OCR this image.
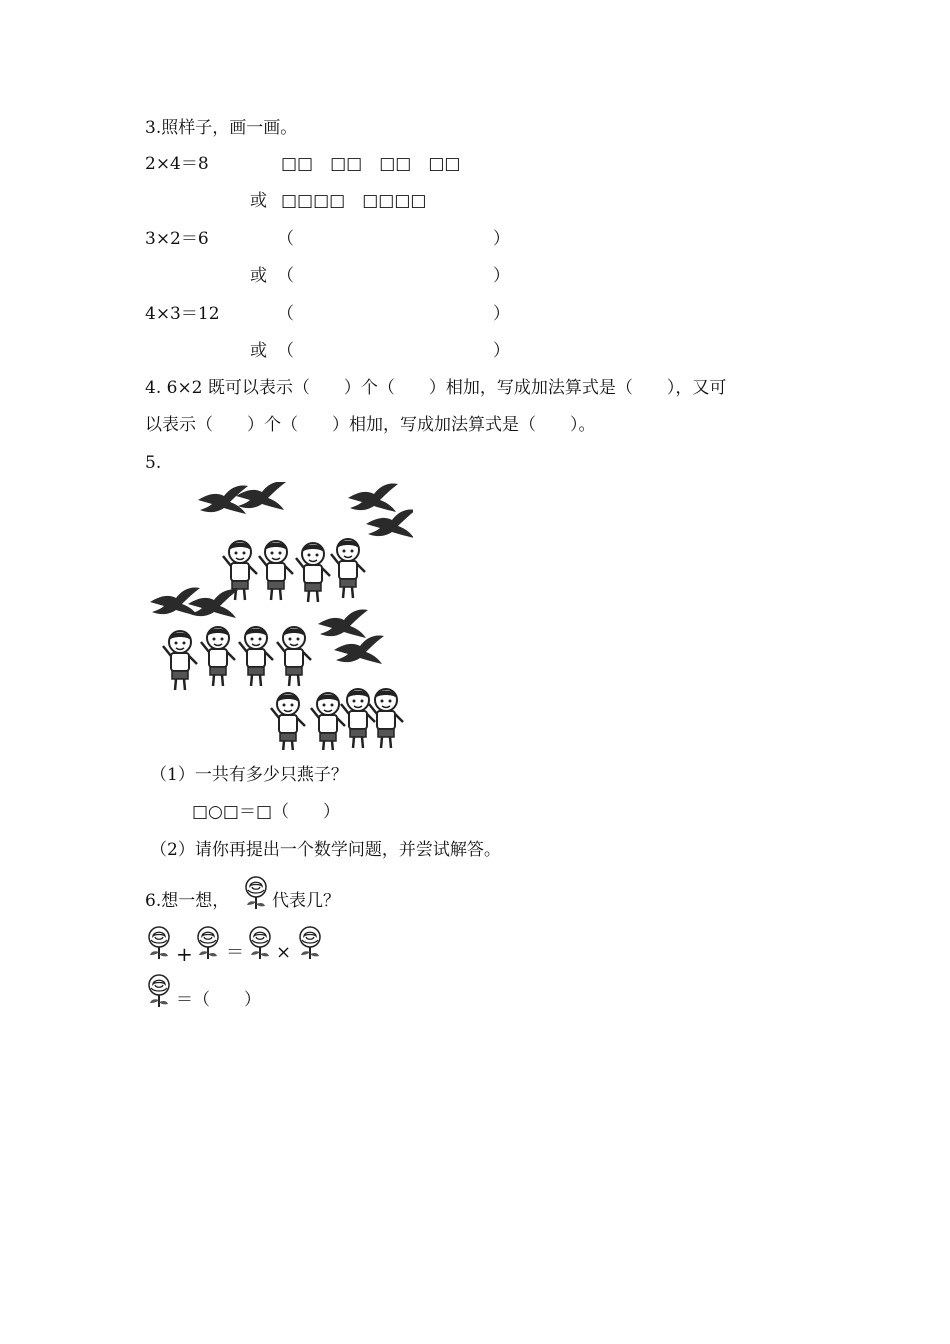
3.照样子，画一画。
2×4＝8	□□　□□　□□　□□
或 □□□□　□□□□
3×2＝6	（	）
或 （	）
4×3＝12	（	）
或 （	）
4. 6×2 既可以表示（　　）个（　　）相加，写成加法算式是（　　），又可
以表示（　　）个（　　）相加，写成加法算式是（　　）。
5.
（1）一共有多少只燕子？
□○□＝□（　　）
（2）请你再提出一个数学问题，并尝试解答。
6.想一想，	代表几？
+ ＝ ×
＝（　　）
